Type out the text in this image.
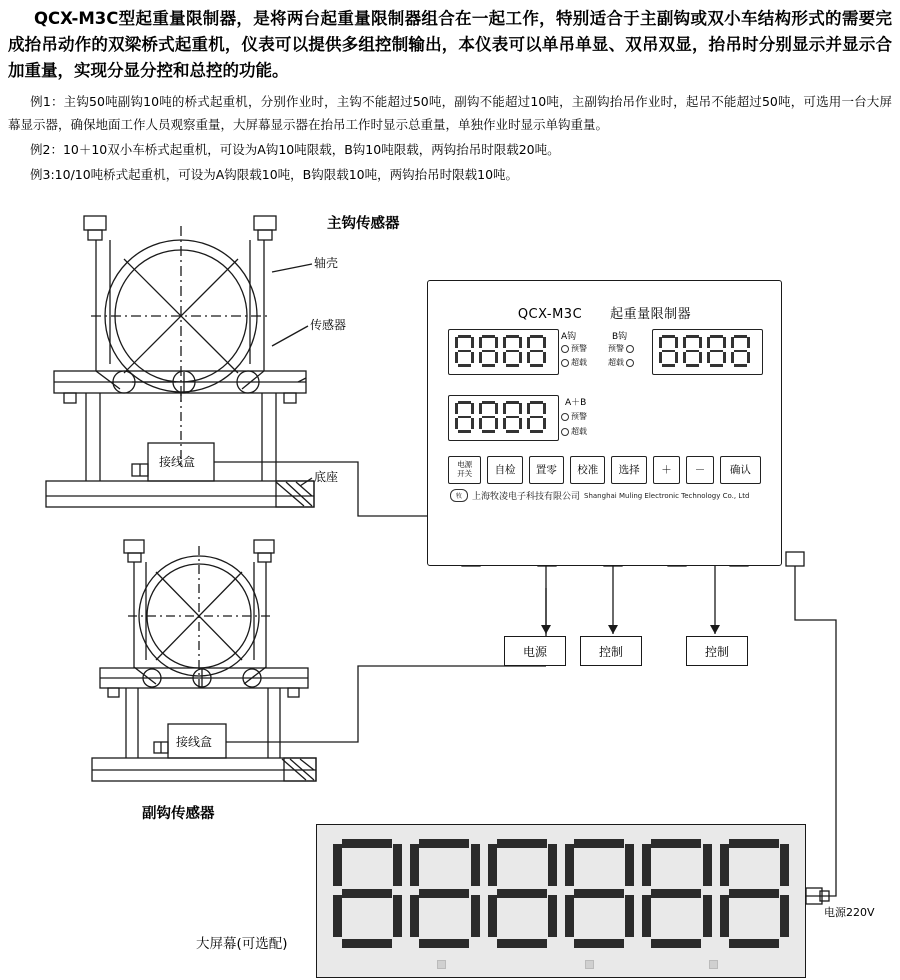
QCX-M3C型起重量限制器，是将两台起重量限制器组合在一起工作，特别适合于主副钩或双小车结构形式的需要完成抬吊动作的双梁桥式起重机，仪表可以提供多组控制输出，本仪表可以单吊单显、双吊双显，抬吊时分别显示并显示合加重量，实现分显分控和总控的功能。
例1：主钩50吨副钩10吨的桥式起重机，分别作业时，主钩不能超过50吨，副钩不能超过10吨，主副钩抬吊作业时，起吊不能超过50吨，可选用一台大屏幕显示器，确保地面工作人员观察重量，大屏幕显示器在抬吊工作时显示总重量，单独作业时显示单钩重量。
例2：10＋10双小车桥式起重机，可设为A钩10吨限载，B钩10吨限载，两钩抬吊时限载20吨。
例3:10/10吨桥式起重机，可设为A钩限载10吨，B钩限载10吨，两钩抬吊时限载10吨。
主钩传感器
副钩传感器
轴壳
传感器
底座
接线盒
接线盒
大屏幕(可选配)
电源220V
电源	控制	控制
QCX-M3C 起重量限制器
A钩
预警
超载
B钩
预警
超载
A＋B
预警
超载
电源
开关	自检	置零	校准	选择	＋	－	确认
牧	上海牧凌电子科技有限公司 Shanghai Muling Electronic Technology Co., Ltd
